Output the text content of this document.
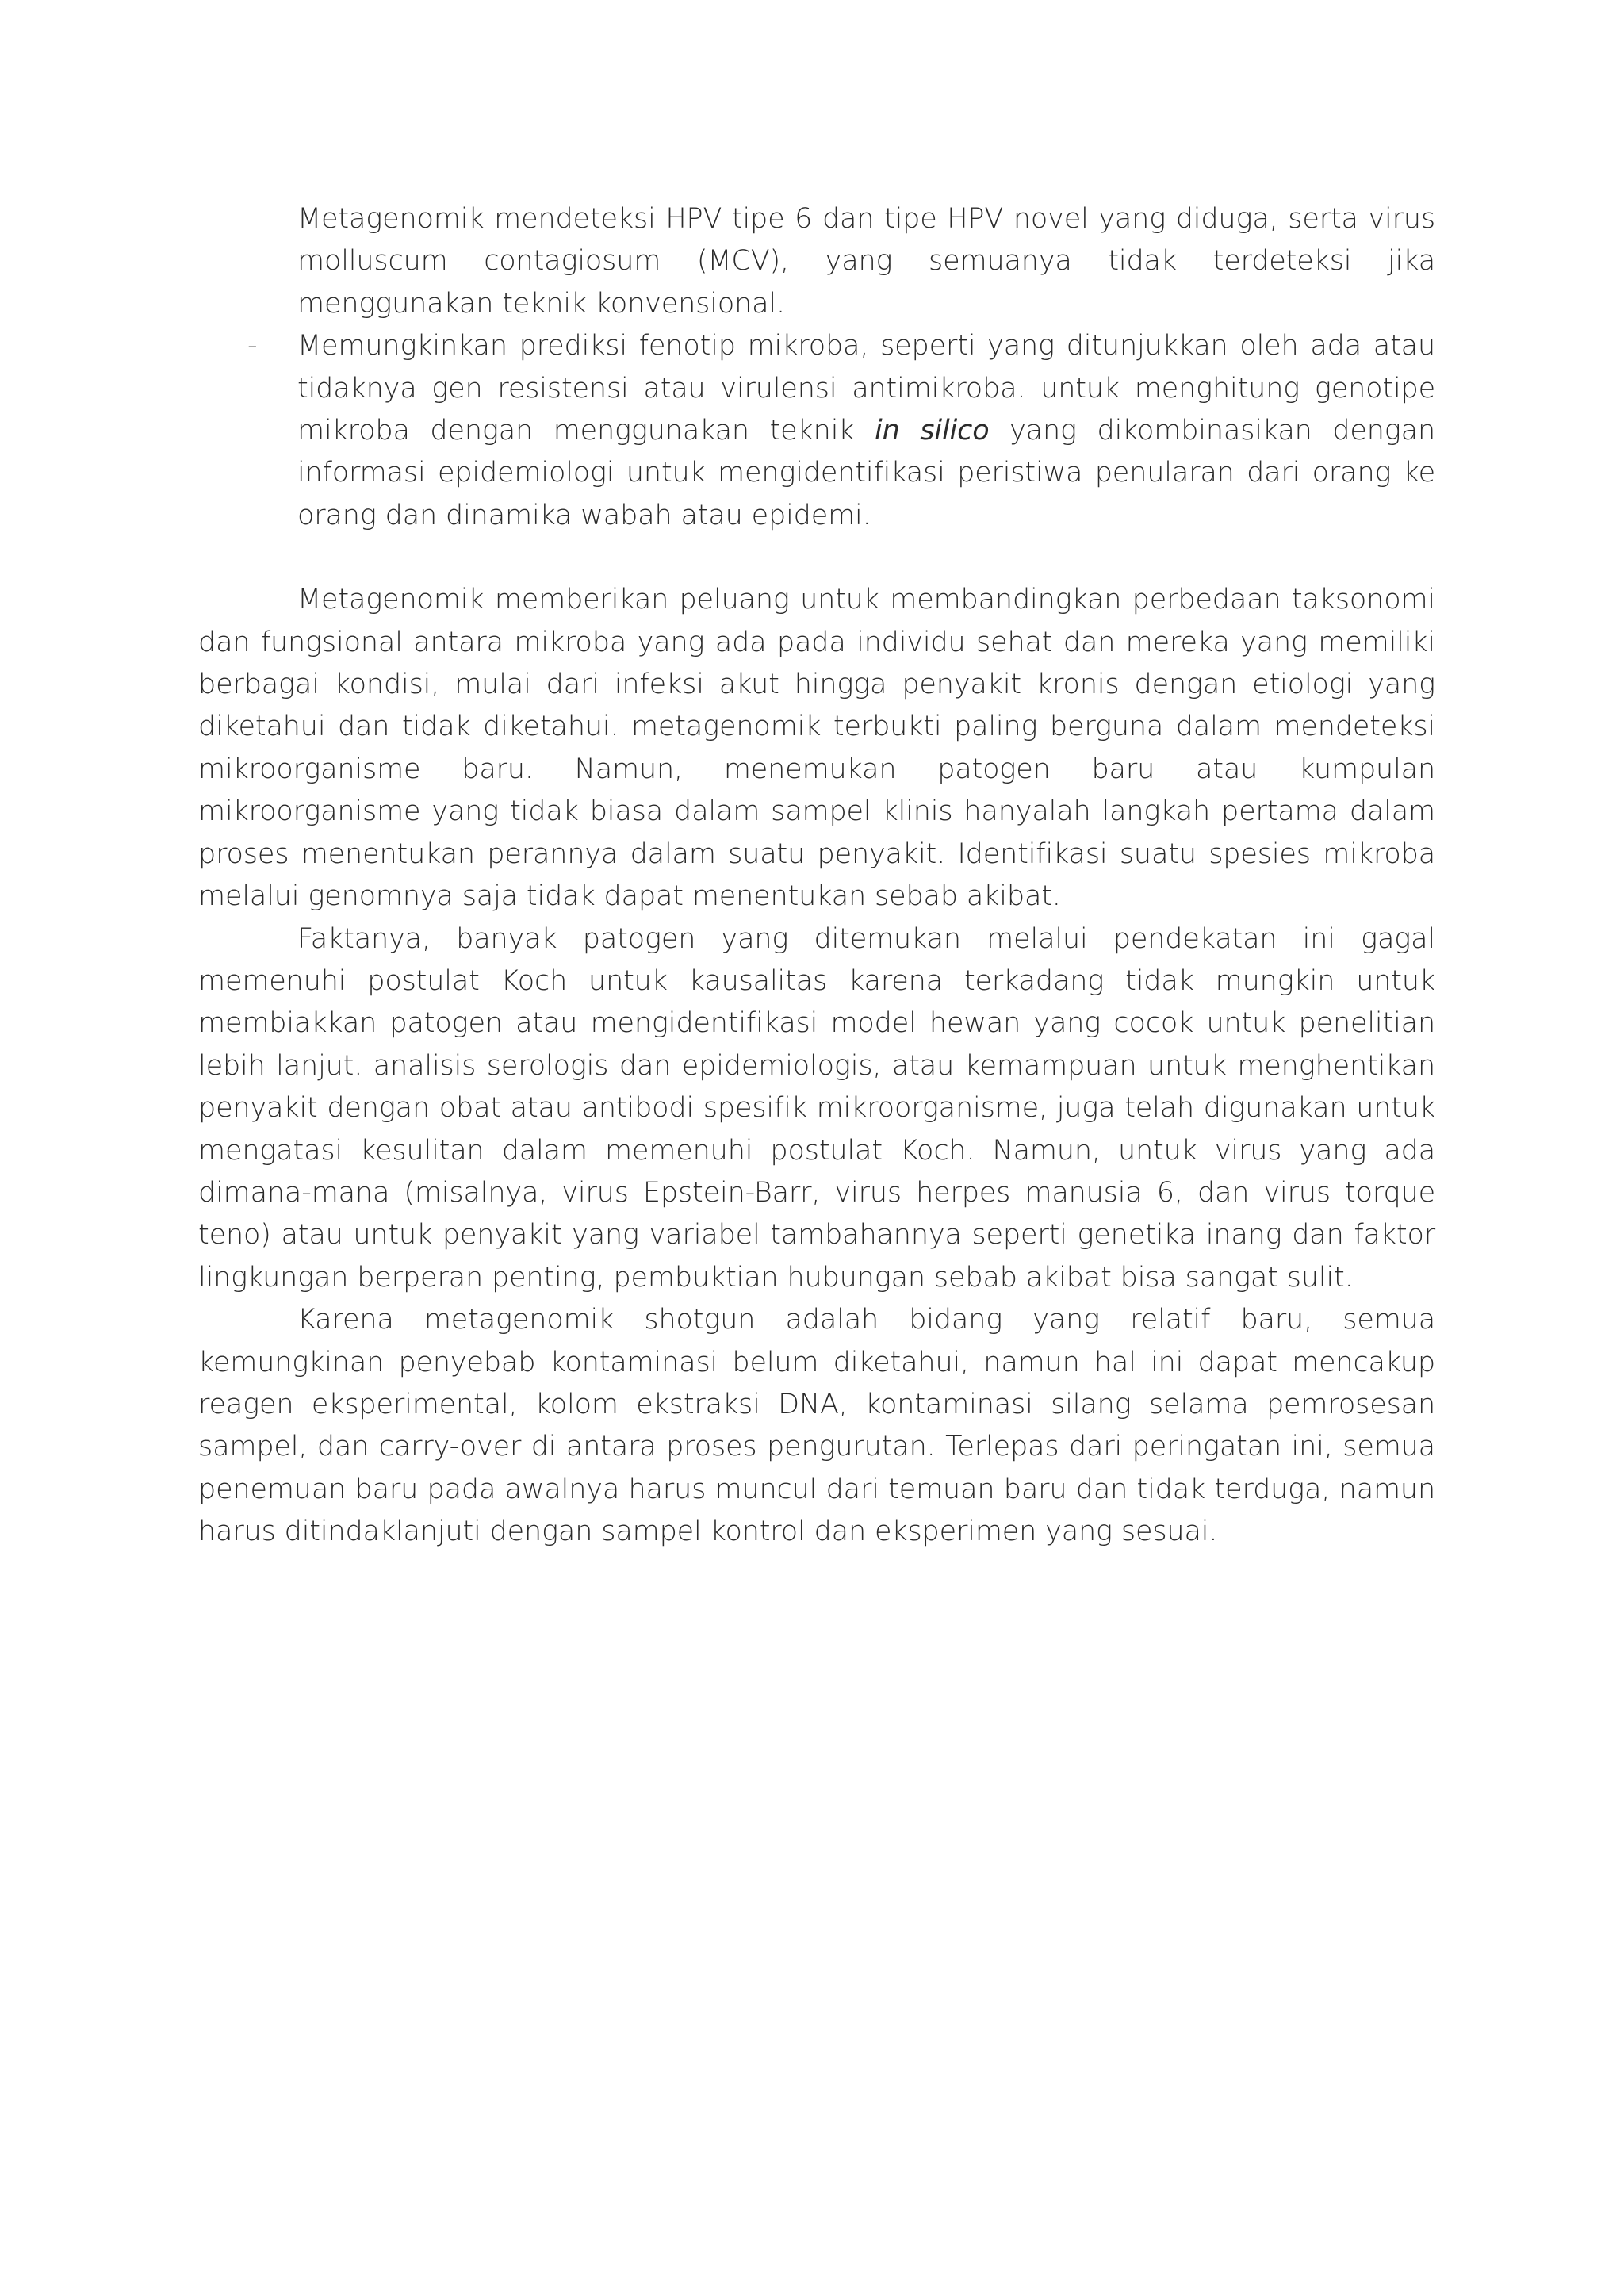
Metagenomik mendeteksi HPV tipe 6 dan tipe HPV novel yang diduga, serta virus molluscum contagiosum (MCV), yang semuanya tidak terdeteksi jika menggunakan teknik konvensional.

- Memungkinkan prediksi fenotip mikroba, seperti yang ditunjukkan oleh ada atau tidaknya gen resistensi atau virulensi antimikroba. untuk menghitung genotipe mikroba dengan menggunakan teknik in silico yang dikombinasikan dengan informasi epidemiologi untuk mengidentifikasi peristiwa penularan dari orang ke orang dan dinamika wabah atau epidemi.

Metagenomik memberikan peluang untuk membandingkan perbedaan taksonomi dan fungsional antara mikroba yang ada pada individu sehat dan mereka yang memiliki berbagai kondisi, mulai dari infeksi akut hingga penyakit kronis dengan etiologi yang diketahui dan tidak diketahui. metagenomik terbukti paling berguna dalam mendeteksi mikroorganisme baru. Namun, menemukan patogen baru atau kumpulan mikroorganisme yang tidak biasa dalam sampel klinis hanyalah langkah pertama dalam proses menentukan perannya dalam suatu penyakit. Identifikasi suatu spesies mikroba melalui genomnya saja tidak dapat menentukan sebab akibat.

Faktanya, banyak patogen yang ditemukan melalui pendekatan ini gagal memenuhi postulat Koch untuk kausalitas karena terkadang tidak mungkin untuk membiakkan patogen atau mengidentifikasi model hewan yang cocok untuk penelitian lebih lanjut. analisis serologis dan epidemiologis, atau kemampuan untuk menghentikan penyakit dengan obat atau antibodi spesifik mikroorganisme, juga telah digunakan untuk mengatasi kesulitan dalam memenuhi postulat Koch. Namun, untuk virus yang ada dimana-mana (misalnya, virus Epstein-Barr, virus herpes manusia 6, dan virus torque teno) atau untuk penyakit yang variabel tambahannya seperti genetika inang dan faktor lingkungan berperan penting, pembuktian hubungan sebab akibat bisa sangat sulit.

Karena metagenomik shotgun adalah bidang yang relatif baru, semua kemungkinan penyebab kontaminasi belum diketahui, namun hal ini dapat mencakup reagen eksperimental, kolom ekstraksi DNA, kontaminasi silang selama pemrosesan sampel, dan carry-over di antara proses pengurutan. Terlepas dari peringatan ini, semua penemuan baru pada awalnya harus muncul dari temuan baru dan tidak terduga, namun harus ditindaklanjuti dengan sampel kontrol dan eksperimen yang sesuai.
